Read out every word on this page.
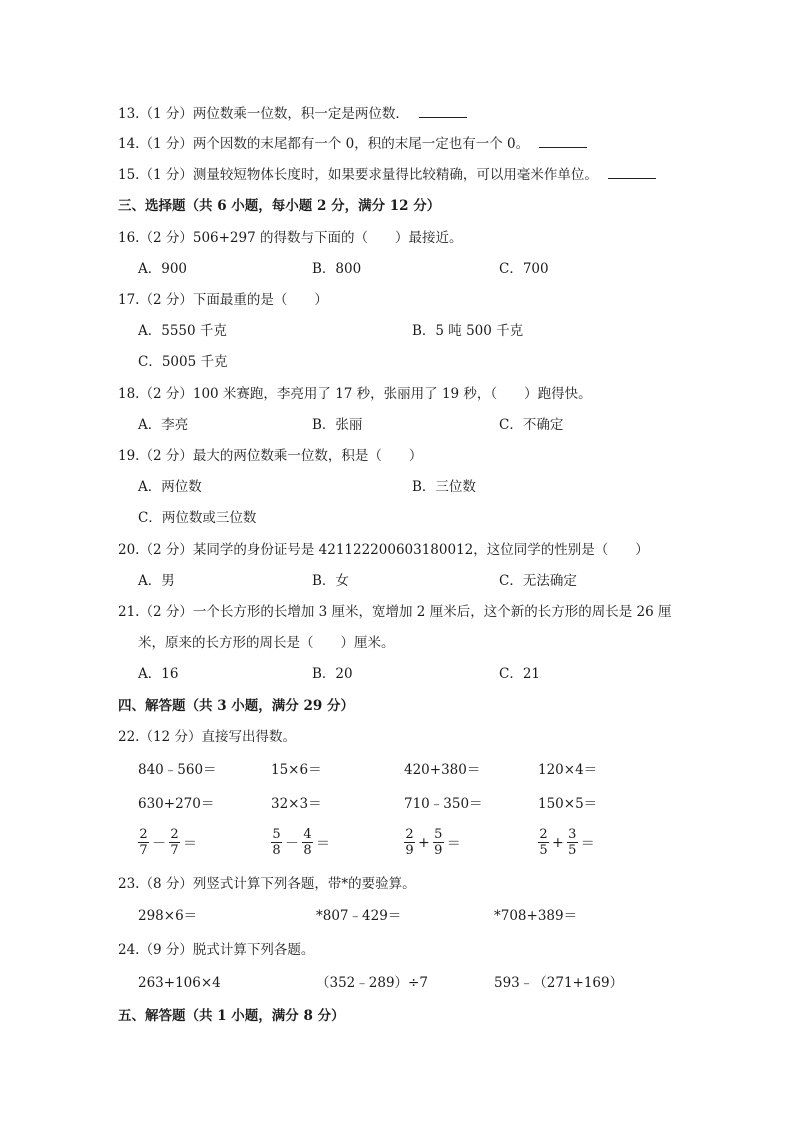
13.（1 分）两位数乘一位数，积一定是两位数．
14.（1 分）两个因数的末尾都有一个 0，积的末尾一定也有一个 0。
15.（1 分）测量较短物体长度时，如果要求量得比较精确，可以用毫米作单位。
三、选择题（共 6 小题，每小题 2 分，满分 12 分）
16.（2 分）506+297 的得数与下面的（　　）最接近。
A．900	B．800	C．700
17.（2 分）下面最重的是（　　）
A．5550 千克	B．5 吨 500 千克
C．5005 千克
18.（2 分）100 米赛跑，李亮用了 17 秒，张丽用了 19 秒，（　　）跑得快。
A．李亮	B．张丽	C．不确定
19.（2 分）最大的两位数乘一位数，积是（　　）
A．两位数	B．三位数
C．两位数或三位数
20.（2 分）某同学的身份证号是 421122200603180012，这位同学的性别是（　　）
A．男	B．女	C．无法确定
21.（2 分）一个长方形的长增加 3 厘米，宽增加 2 厘米后，这个新的长方形的周长是 26 厘
米，原来的长方形的周长是（　　）厘米。
A．16	B．20	C．21
四、解答题（共 3 小题，满分 29 分）
22.（12 分）直接写出得数。
840﹣560＝	15×6＝	420+380＝	120×4＝
630+270＝	32×3＝	710﹣350＝	150×5＝
$\frac{2}{7} - \frac{2}{7}$ ＝	$\frac{5}{8} - \frac{4}{8}$ ＝	$\frac{2}{9} + \frac{5}{9}$ ＝	$\frac{2}{5} + \frac{3}{5}$ ＝
23.（8 分）列竖式计算下列各题，带*的要验算。
298×6＝	*807﹣429＝	*708+389＝
24.（9 分）脱式计算下列各题。
263+106×4	（352﹣289）÷7	593﹣（271+169）
五、解答题（共 1 小题，满分 8 分）
